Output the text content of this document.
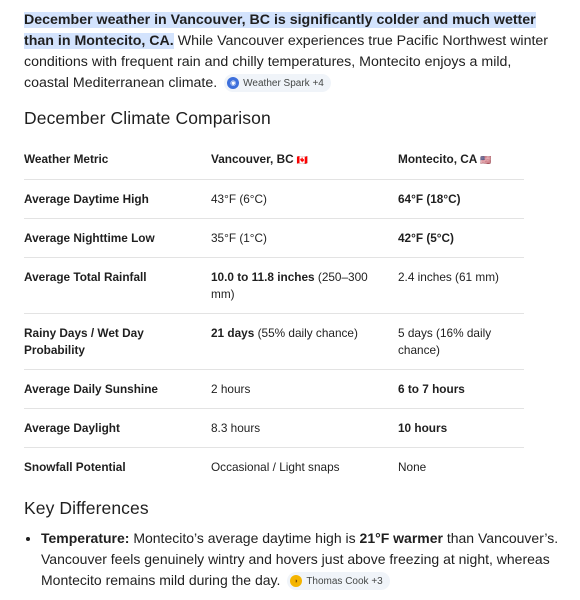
December weather in Vancouver, BC is significantly colder and much wetter than in Montecito, CA. While Vancouver experiences true Pacific Northwest winter conditions with frequent rain and chilly temperatures, Montecito enjoys a mild, coastal Mediterranean climate.	◉ Weather Spark +4

December Climate Comparison
Weather Metric	Vancouver, BC 🇨🇦	Montecito, CA 🇺🇸

Average Daytime High	43°F (6°C)	64°F (18°C)

Average Nighttime Low	35°F (1°C)	42°F (5°C)

Average Total Rainfall	10.0 to 11.8 inches (250–300 mm)	2.4 inches (61 mm)

Rainy Days / Wet Day Probability	21 days (55% daily chance)	5 days (16% daily chance)

Average Daily Sunshine	2 hours	6 to 7 hours

Average Daylight	8.3 hours	10 hours

Snowfall Potential	Occasional / Light snaps	None
Key Differences
• Temperature: Montecito’s average daytime high is 21°F warmer than Vancouver’s. Vancouver feels genuinely wintry and hovers just above freezing at night, whereas Montecito remains mild during the day.	◗ Thomas Cook +3
